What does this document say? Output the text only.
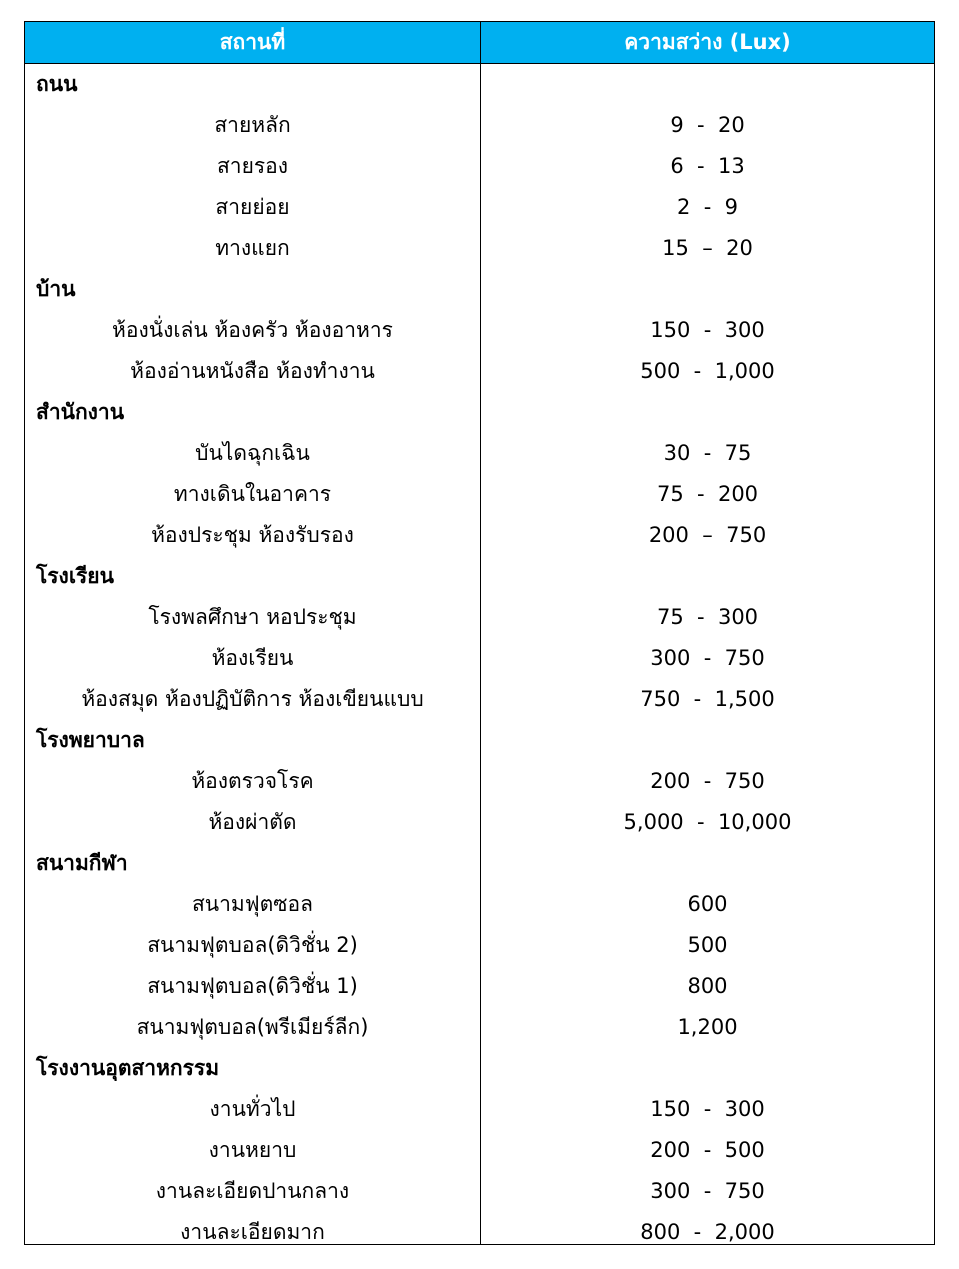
สถานที่	ความสว่าง (Lux)
ถนน
สายหลัก	9  -  20
สายรอง	6  -  13
สายย่อย	2  -  9
ทางแยก	15  –  20
บ้าน
ห้องนั่งเล่น ห้องครัว ห้องอาหาร	150  -  300
ห้องอ่านหนังสือ ห้องทำงาน	500  -  1,000
สำนักงาน
บันไดฉุกเฉิน	30  -  75
ทางเดินในอาคาร	75  -  200
ห้องประชุม ห้องรับรอง	200  –  750
โรงเรียน
โรงพลศึกษา หอประชุม	75  -  300
ห้องเรียน	300  -  750
ห้องสมุด ห้องปฏิบัติการ ห้องเขียนแบบ	750  -  1,500
โรงพยาบาล
ห้องตรวจโรค	200  -  750
ห้องผ่าตัด	5,000  -  10,000
สนามกีฬา
สนามฟุตซอล	600
สนามฟุตบอล(ดิวิชั่น 2)	500
สนามฟุตบอล(ดิวิชั่น 1)	800
สนามฟุตบอล(พรีเมียร์ลีก)	1,200
โรงงานอุตสาหกรรม
งานทั่วไป	150  -  300
งานหยาบ	200  -  500
งานละเอียดปานกลาง	300  -  750
งานละเอียดมาก	800  -  2,000
